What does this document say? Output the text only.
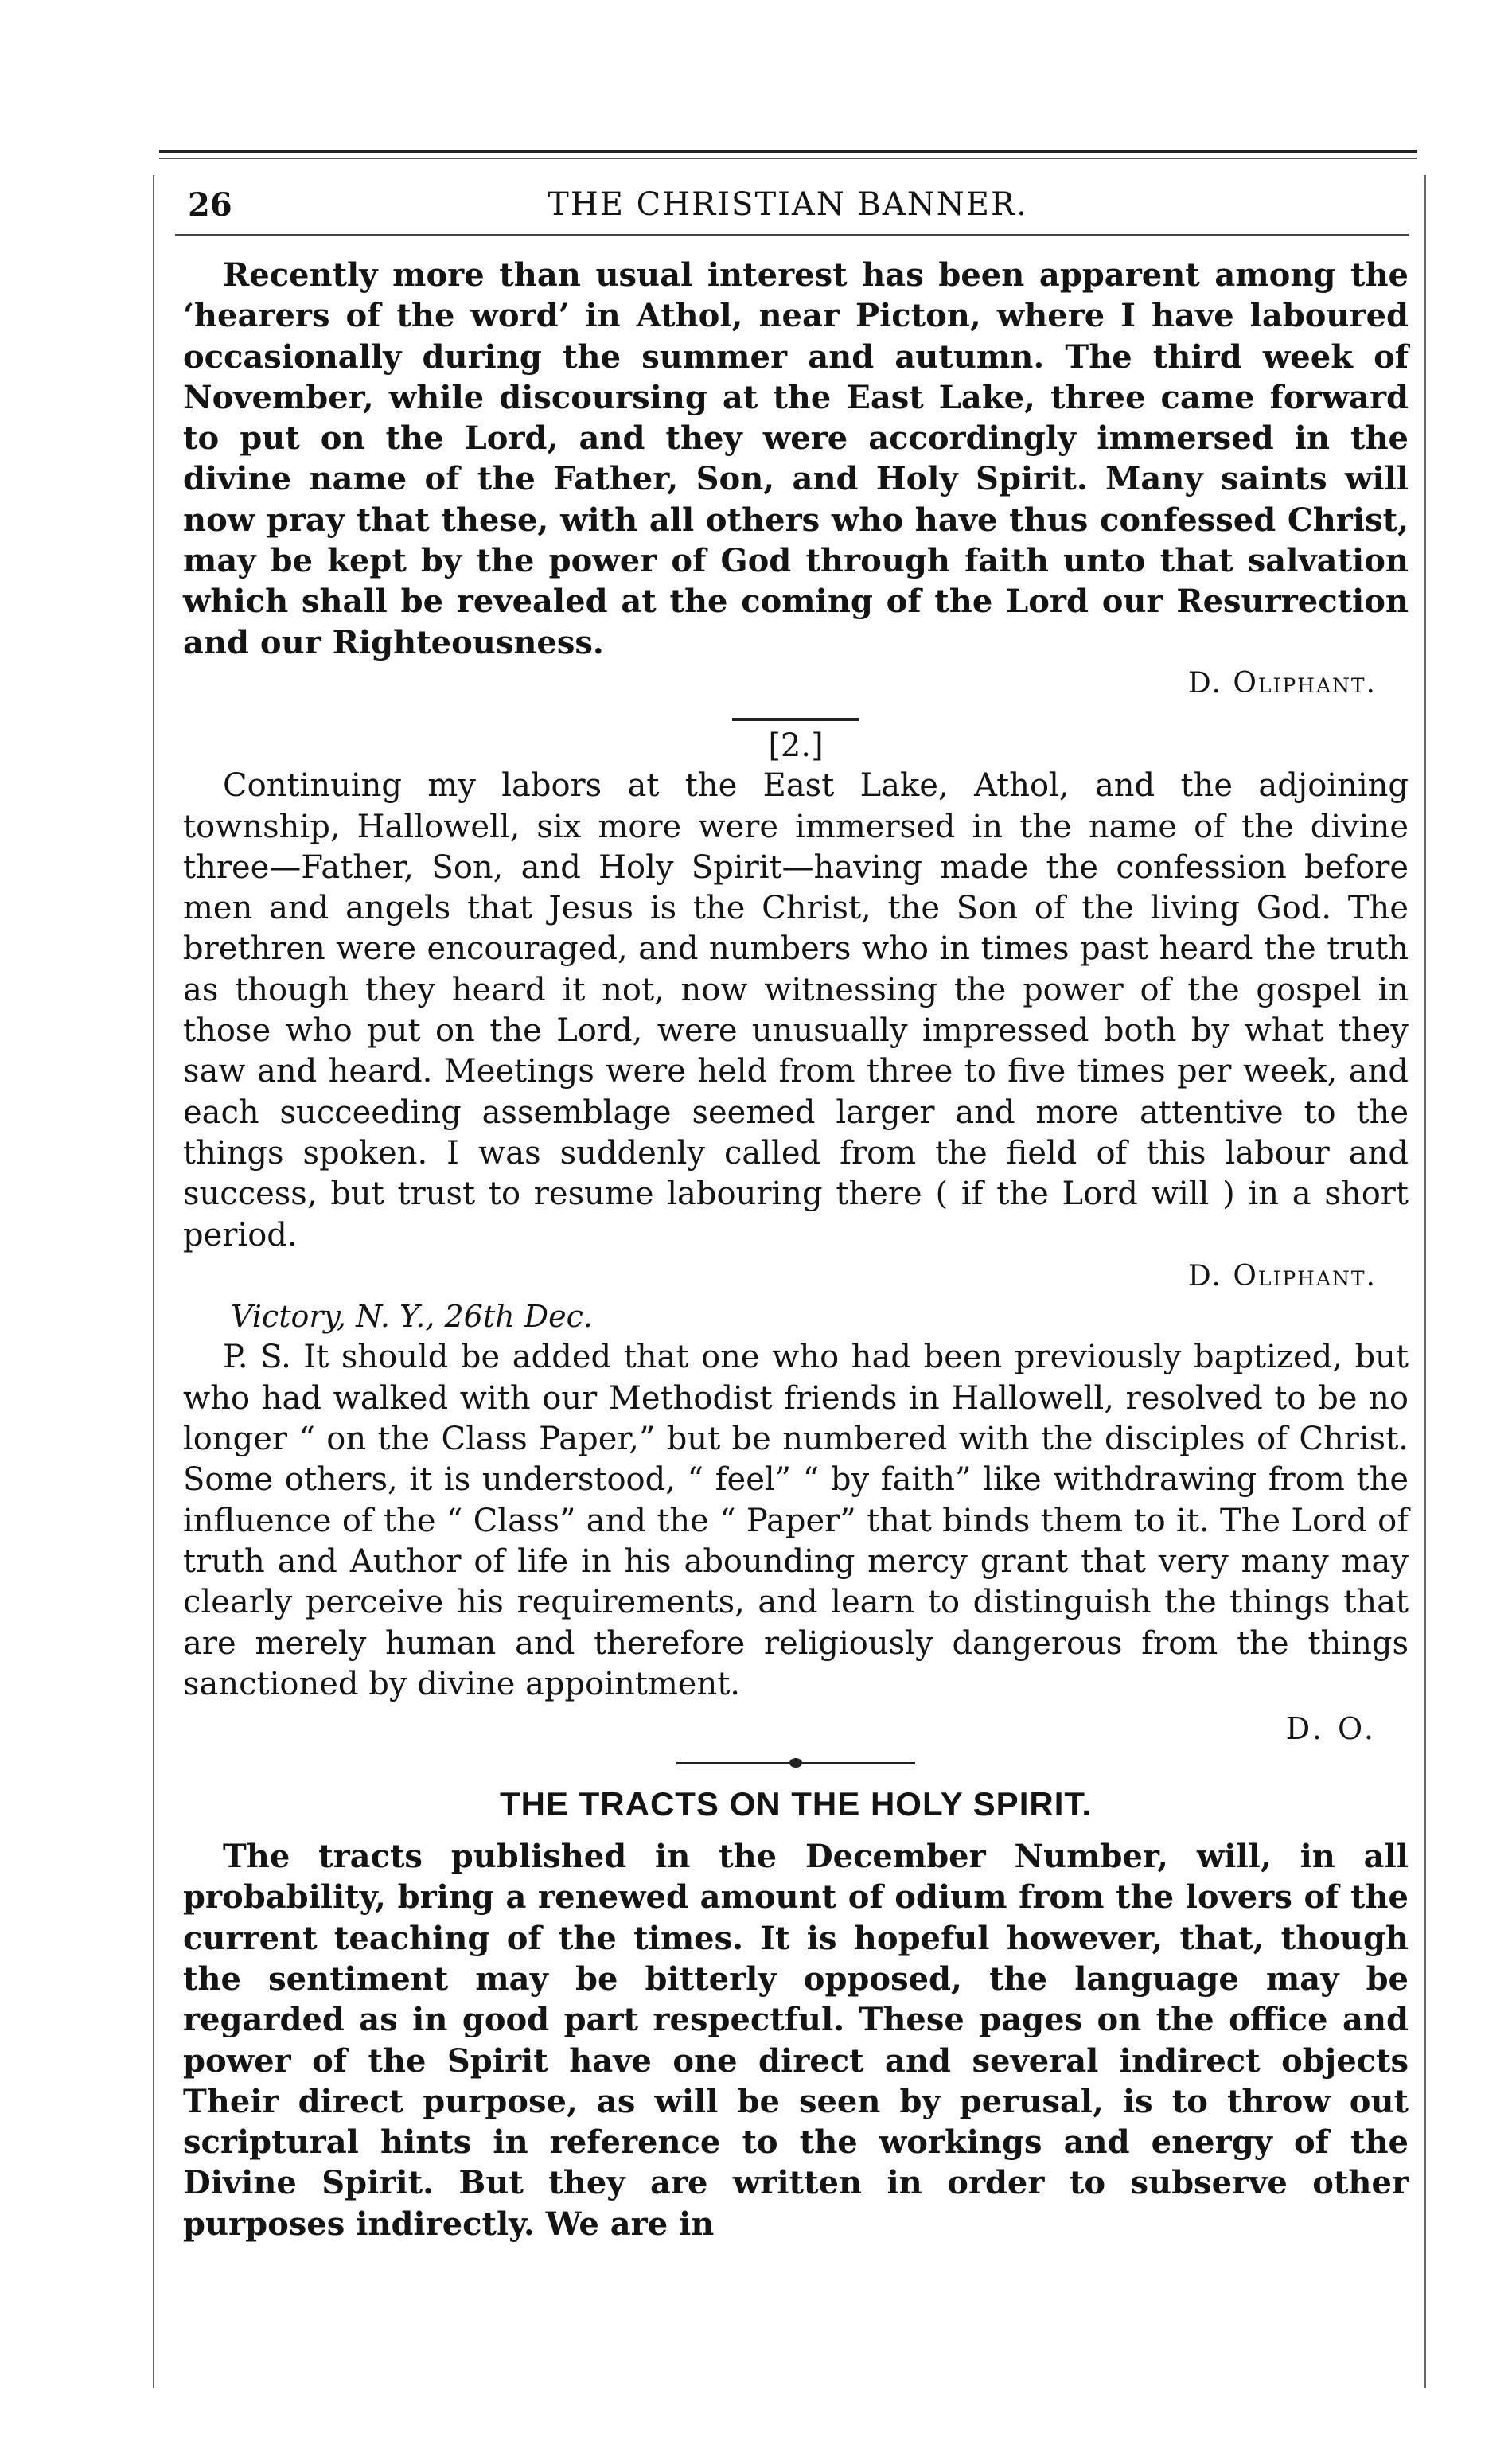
26	THE CHRISTIAN BANNER.

Recently more than usual interest has been apparent among the ‘hearers of the word’ in Athol, near Picton, where I have laboured occasionally during the summer and autumn. The third week of November, while discoursing at the East Lake, three came forward to put on the Lord, and they were accordingly immersed in the divine name of the Father, Son, and Holy Spirit. Many saints will now pray that these, with all others who have thus confessed Christ, may be kept by the power of God through faith unto that salvation which shall be revealed at the coming of the Lord our Resurrection and our Righteousness.

D. Oliphant.

[2.]

Continuing my labors at the East Lake, Athol, and the adjoining township, Hallowell, six more were immersed in the name of the divine three—Father, Son, and Holy Spirit—having made the confession before men and angels that Jesus is the Christ, the Son of the living God. The brethren were encouraged, and numbers who in times past heard the truth as though they heard it not, now witnessing the power of the gospel in those who put on the Lord, were unusually impressed both by what they saw and heard. Meetings were held from three to five times per week, and each succeeding assemblage seemed larger and more attentive to the things spoken. I was suddenly called from the field of this labour and success, but trust to resume labouring there ( if the Lord will ) in a short period.

D. Oliphant.

Victory, N. Y., 26th Dec.

P. S. It should be added that one who had been previously baptized, but who had walked with our Methodist friends in Hallowell, resolved to be no longer “ on the Class Paper,” but be numbered with the disciples of Christ. Some others, it is understood, “ feel” “ by faith” like withdrawing from the influence of the “ Class” and the “ Paper” that binds them to it. The Lord of truth and Author of life in his abounding mercy grant that very many may clearly perceive his requirements, and learn to distinguish the things that are merely human and therefore religiously dangerous from the things sanctioned by divine appointment.

D. O.

THE TRACTS ON THE HOLY SPIRIT.

The tracts published in the December Number, will, in all probability, bring a renewed amount of odium from the lovers of the current teaching of the times. It is hopeful however, that, though the sentiment may be bitterly opposed, the language may be regarded as in good part respectful. These pages on the office and power of the Spirit have one direct and several indirect objects Their direct purpose, as will be seen by perusal, is to throw out scriptural hints in reference to the workings and energy of the Divine Spirit. But they are written in order to subserve other purposes indirectly. We are in
